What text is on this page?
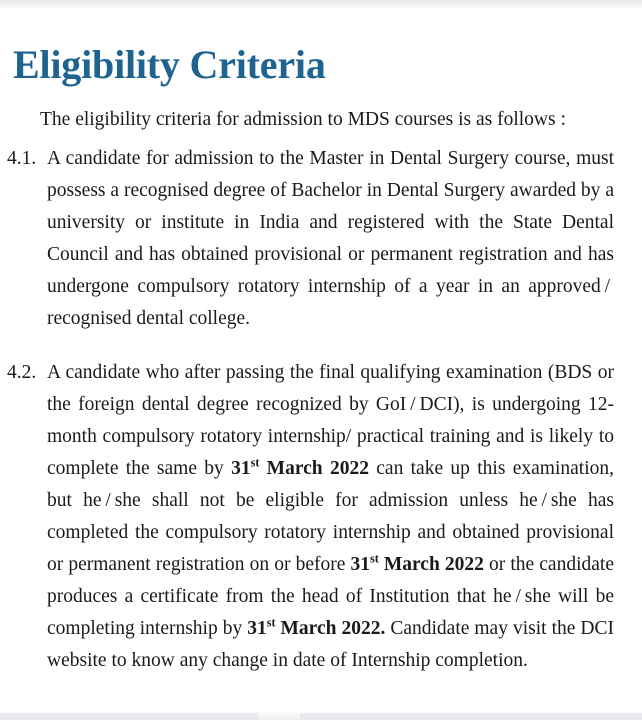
Eligibility Criteria

The eligibility criteria for admission to MDS courses is as follows :

4.1. A candidate for admission to the Master in Dental Surgery course, must possess a recognised degree of Bachelor in Dental Surgery awarded by a university or institute in India and registered with the State Dental Council and has obtained provisional or permanent registration and has undergone compulsory rotatory internship of a year in an approved / recognised dental college.
4.2. A candidate who after passing the final qualifying examination (BDS or the foreign dental degree recognized by GoI / DCI), is undergoing 12-month compulsory rotatory internship/ practical training and is likely to complete the same by 31st March 2022 can take up this examination, but he / she shall not be eligible for admission unless he / she has completed the compulsory rotatory internship and obtained provisional or permanent registration on or before 31st March 2022 or the candidate produces a certificate from the head of Institution that he / she will be completing internship by 31st March 2022. Candidate may visit the DCI website to know any change in date of Internship completion.
